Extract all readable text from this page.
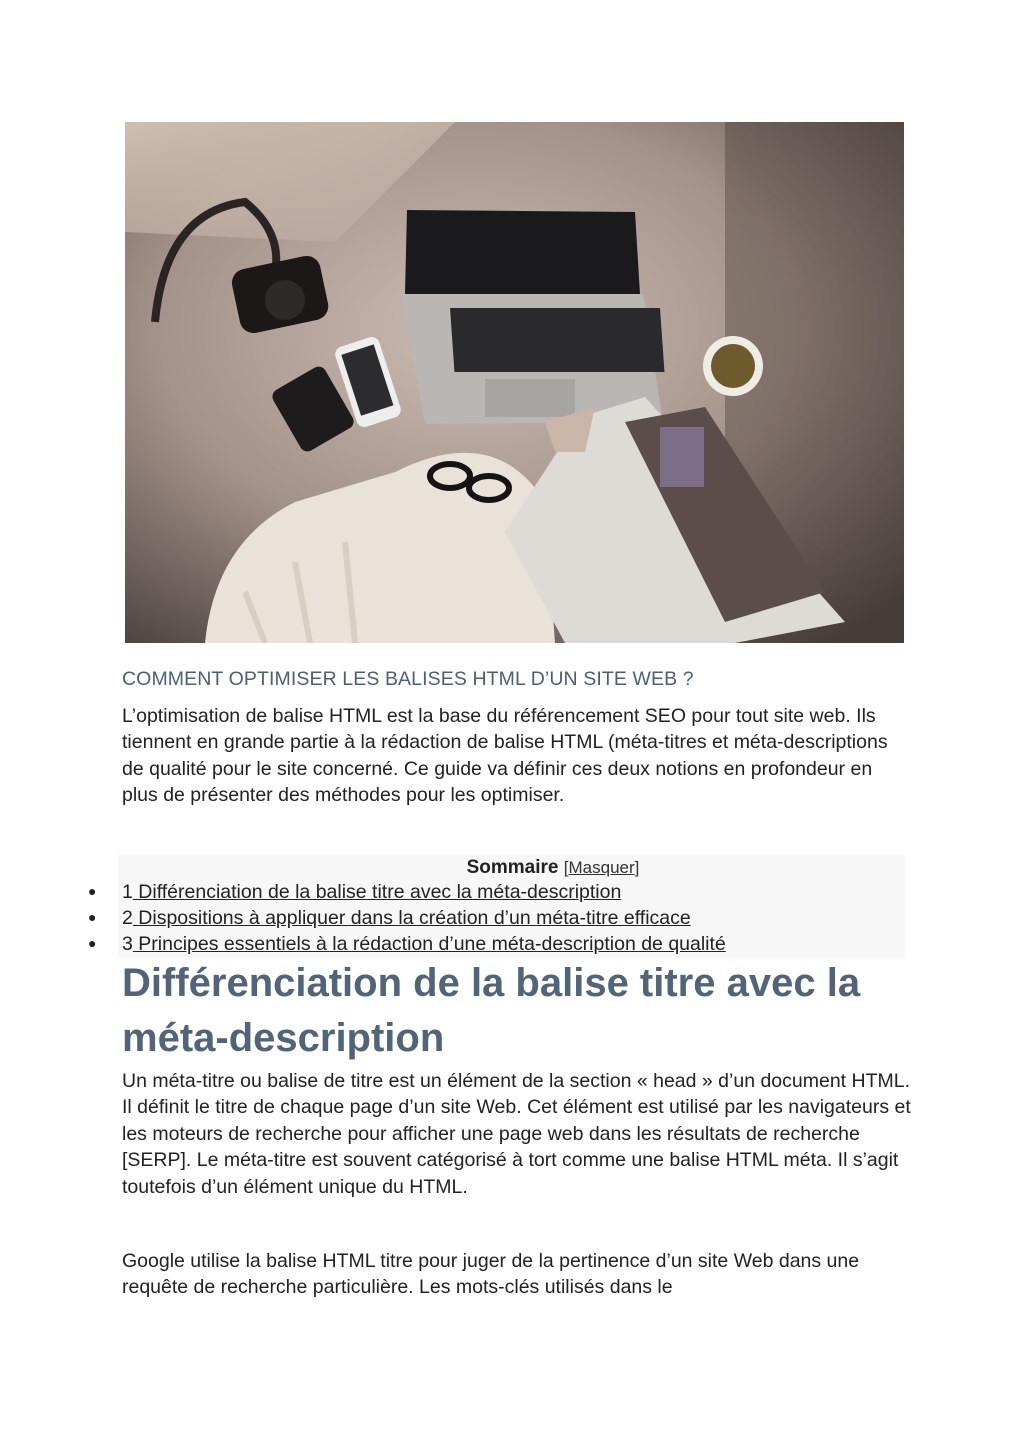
COMMENT OPTIMISER LES BALISES HTML D’UN SITE WEB ?

L’optimisation de balise HTML est la base du référencement SEO pour tout site web. Ils tiennent en grande partie à la rédaction de balise HTML (méta-titres et méta-descriptions de qualité pour le site concerné. Ce guide va définir ces deux notions en profondeur en plus de présenter des méthodes pour les optimiser.

Sommaire [Masquer]
● 1 Différenciation de la balise titre avec la méta-description
● 2 Dispositions à appliquer dans la création d’un méta-titre efficace
● 3 Principes essentiels à la rédaction d’une méta-description de qualité
Différenciation de la balise titre avec la méta-description

Un méta-titre ou balise de titre est un élément de la section « head » d’un document HTML. Il définit le titre de chaque page d’un site Web. Cet élément est utilisé par les navigateurs et les moteurs de recherche pour afficher une page web dans les résultats de recherche [SERP]. Le méta-titre est souvent catégorisé à tort comme une balise HTML méta. Il s’agit toutefois d’un élément unique du HTML.

Google utilise la balise HTML titre pour juger de la pertinence d’un site Web dans une requête de recherche particulière. Les mots-clés utilisés dans le
